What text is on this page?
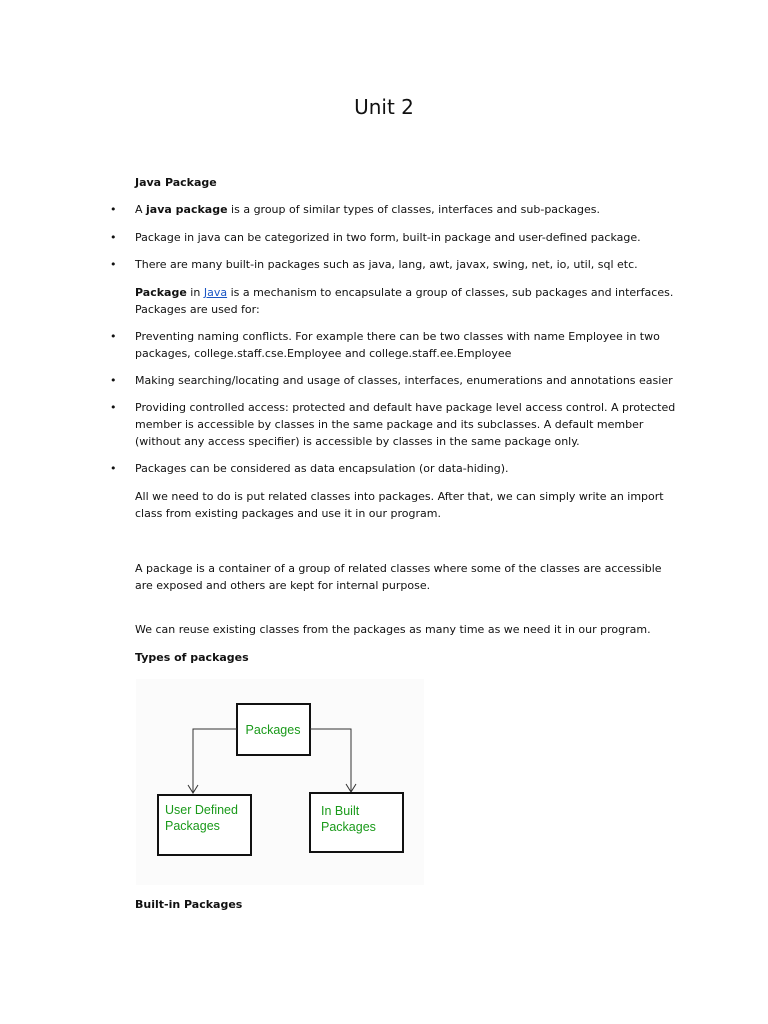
Unit 2
Java Package
•	A java package is a group of similar types of classes, interfaces and sub-packages.
•	Package in java can be categorized in two form, built-in package and user-defined package.
•	There are many built-in packages such as java, lang, awt, javax, swing, net, io, util, sql etc.
Package in Java is a mechanism to encapsulate a group of classes, sub packages and interfaces. Packages are used for:
•	Preventing naming conflicts. For example there can be two classes with name Employee in two packages, college.staff.cse.Employee and college.staff.ee.Employee
•	Making searching/locating and usage of classes, interfaces, enumerations and annotations easier
•	Providing controlled access: protected and default have package level access control. A protected member is accessible by classes in the same package and its subclasses. A default member (without any access specifier) is accessible by classes in the same package only.
•	Packages can be considered as data encapsulation (or data-hiding).
All we need to do is put related classes into packages. After that, we can simply write an import class from existing packages and use it in our program.
A package is a container of a group of related classes where some of the classes are accessible are exposed and others are kept for internal purpose.
We can reuse existing classes from the packages as many time as we need it in our program.
Types of packages
Packages
User Defined
Packages
In Built
Packages
Built-in Packages
